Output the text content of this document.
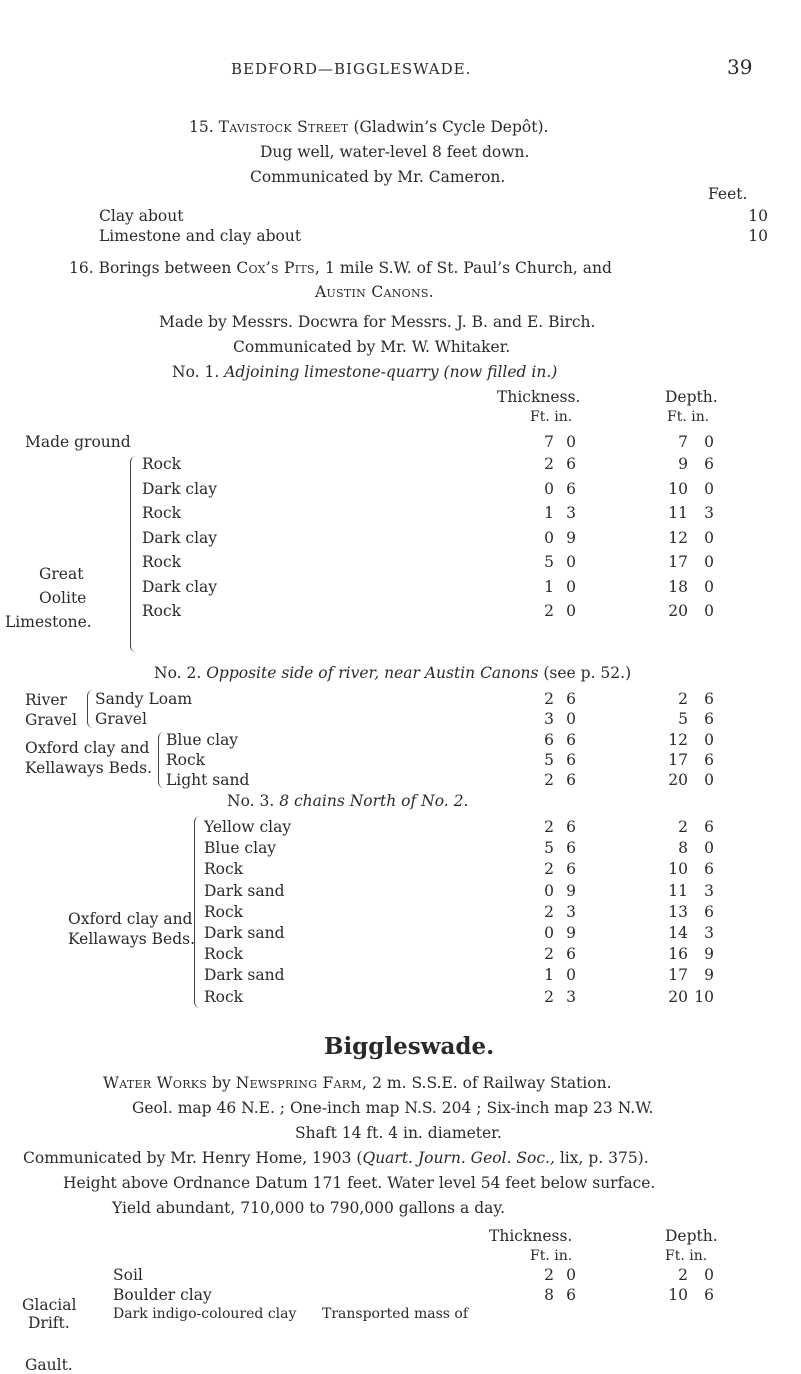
BEDFORD—BIGGLESWADE.	39
15. Tavistock Street (Gladwin’s Cycle Depôt).
Dug well, water-level 8 feet down.
Communicated by Mr. Cameron.
Feet.
Clay about	10
Limestone and clay about	10
16. Borings between Cox’s Pits, 1 mile S.W. of St. Paul’s Church, and
Austin Canons.
Made by Messrs. Docwra for Messrs. J. B. and E. Birch.
Communicated by Mr. W. Whitaker.
No. 1. Adjoining limestone-quarry (now filled in.)
Thickness.	Depth.
Ft. in.	Ft. in.
Made ground	7 0	7	0
Rock	2 6	9	6
Dark clay	0 6	10	0
Rock	1 3	11	3
Dark clay	0 9	12	0
Rock	5 0	17	0
Dark clay	1 0	18	0
Rock	2 0	20	0
Great
Oolite
Limestone.
No. 2. Opposite side of river, near Austin Canons (see p. 52.)
Sandy Loam	2 6	2	6
Gravel	3 0	5	6
Blue clay	6 6	12	0
Rock	5 6	17	6
Light sand	2 6	20	0
River
Gravel
Oxford clay and
Kellaways Beds.
No. 3. 8 chains North of No. 2.
Yellow clay	2 6	2	6
Blue clay	5 6	8	0
Rock	2 6	10	6
Dark sand	0 9	11	3
Rock	2 3	13	6
Dark sand	0 9	14	3
Rock	2 6	16	9
Dark sand	1 0	17	9
Rock	2 3	20 10
Oxford clay and
Kellaways Beds.
Biggleswade.
Water Works by Newspring Farm, 2 m. S.S.E. of Railway Station.
Geol. map 46 N.E. ; One-inch map N.S. 204 ; Six-inch map 23 N.W.
Shaft 14 ft. 4 in. diameter.
Communicated by Mr. Henry Home, 1903 (Quart. Journ. Geol. Soc., lix, p. 375).
Height above Ordnance Datum 171 feet. Water level 54 feet below surface.
Yield abundant, 710,000 to 790,000 gallons a day.
Thickness.	Depth.
Ft. in.	Ft. in.
Soil	2 0	2	0
Boulder clay	8 6	10	6
Dark indigo-coloured clay Transported mass of
Glacial
Drift.
Gault.
